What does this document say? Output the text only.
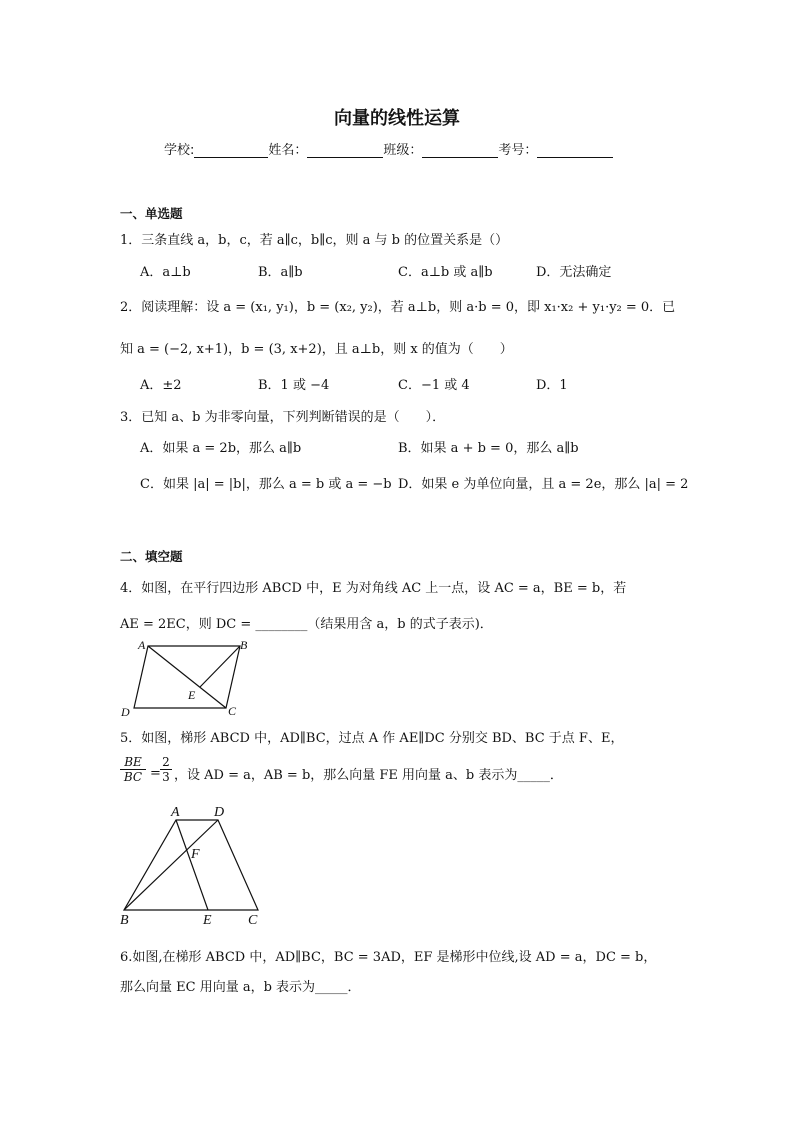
向量的线性运算
学校:	姓名：	班级：	考号：
一、单选题
1．三条直线 a，b，c，若 a∥c，b∥c，则 a 与 b 的位置关系是（）
A．a⊥b	B．a∥b	C．a⊥b 或 a∥b	D．无法确定
2．阅读理解：设 a = (x₁, y₁)，b = (x₂, y₂)，若 a⊥b，则 a·b = 0，即 x₁·x₂ + y₁·y₂ = 0．已
知 a = (−2, x+1)，b = (3, x+2)，且 a⊥b，则 x 的值为（　　）
A．±2	B．1 或 −4	C．−1 或 4	D．1
3．已知 a、b 为非零向量，下列判断错误的是（　　）．
A．如果 a = 2b，那么 a∥b	B．如果 a + b = 0，那么 a∥b
C．如果 |a| = |b|，那么 a = b 或 a = −b D．如果 e 为单位向量，且 a = 2e，那么 |a| = 2
二、填空题
4．如图，在平行四边形 ABCD 中，E 为对角线 AC 上一点，设 AC = a，BE = b，若
AE = 2EC，则 DC = ________（结果用含 a，b 的式子表示)．
A	B
C
D
E
5．如图，梯形 ABCD 中，AD∥BC，过点 A 作 AE∥DC 分别交 BD、BC 于点 F、E，
$\frac{BE}{BC} = \frac{2}{3}$ ，设 AD = a，AB = b，那么向量 FE 用向量 a、b 表示为_____．
A D
F
B	E	C
6.如图,在梯形 ABCD 中，AD∥BC，BC = 3AD，EF 是梯形中位线,设 AD = a，DC = b，
那么向量 EC 用向量 a，b 表示为_____．
